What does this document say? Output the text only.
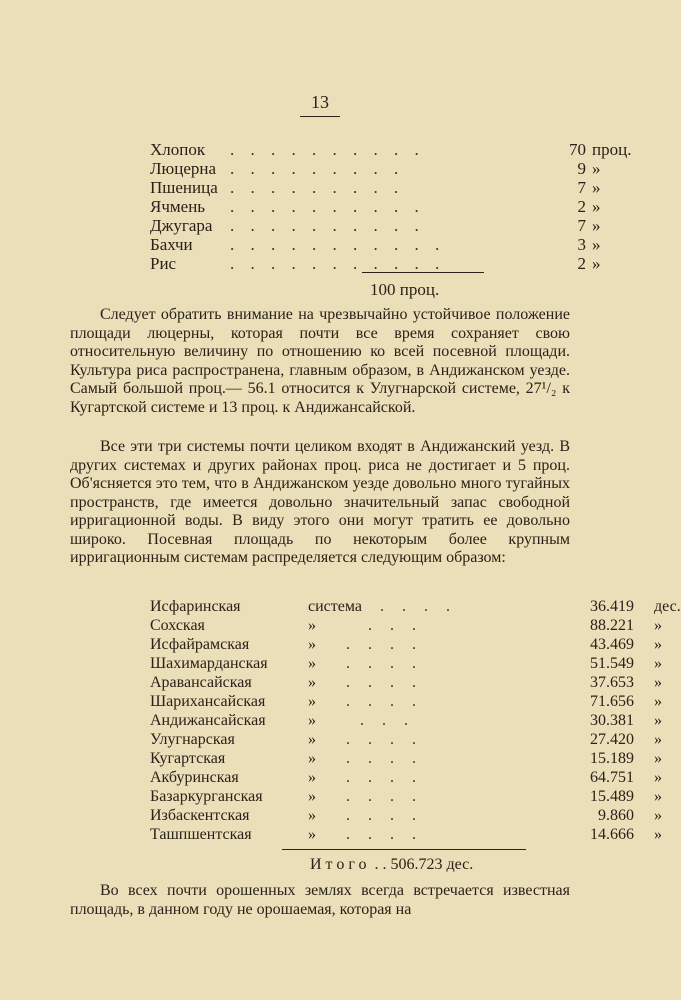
13
Хлопок . . . . . . . . . .	70 проц.
Люцерна . . . . . . . . .	9 »
Пшеница . . . . . . . . .	7 »
Ячмень . . . . . . . . . .	2 »
Джугара . . . . . . . . . .	7 »
Бахчи . . . . . . . . . . .	3 »
Рис	. . . . . . . . . . .	2 »
100 проц.
Следует обратить внимание на чрезвычайно устойчивое положение площади люцерны, которая почти все время сохраняет свою относительную величину по отношению ко всей посевной площади. Культура риса распространена, главным образом, в Андижанском уезде. Самый большой проц.— 56.1 относится к Улугнарской системе, 27¹/₂ к Кугартской системе и 13 проц. к Андижансайской.
Все эти три системы почти целиком входят в Андижанский уезд. В других системах и других районах проц. риса не достигает и 5 проц. Об'ясняется это тем, что в Андижанском уезде довольно много тугайных пространств, где имеется довольно значительный запас свободной ирригационной воды. В виду этого они могут тратить ее довольно широко. Посевная площадь по некоторым более крупным ирригационным системам распределяется следующим образом:
Исфаринская	система . . . .	36.419 дес.
Сохская	»	. . .	88.221 »
Исфайрамская	» . . . .	43.469 »
Шахимарданская	» . . . .	51.549 »
Аравансайская	» . . . .	37.653 »
Шарихансайская	» . . . .	71.656 »
Андижансайская	»	. . .	30.381 »
Улугнарская	» . . . .	27.420 »
Кугартская	» . . . .	15.189 »
Акбуринская	» . . . .	64.751 »
Базаркурганская	» . . . .	15.489 »
Избаскентская	» . . . .	9.860 »
Ташпшентская	» . . . .	14.666 »
Итого . . 506.723 дес.
Во всех почти орошенных землях всегда встречается известная площадь, в данном году не орошаемая, которая на
